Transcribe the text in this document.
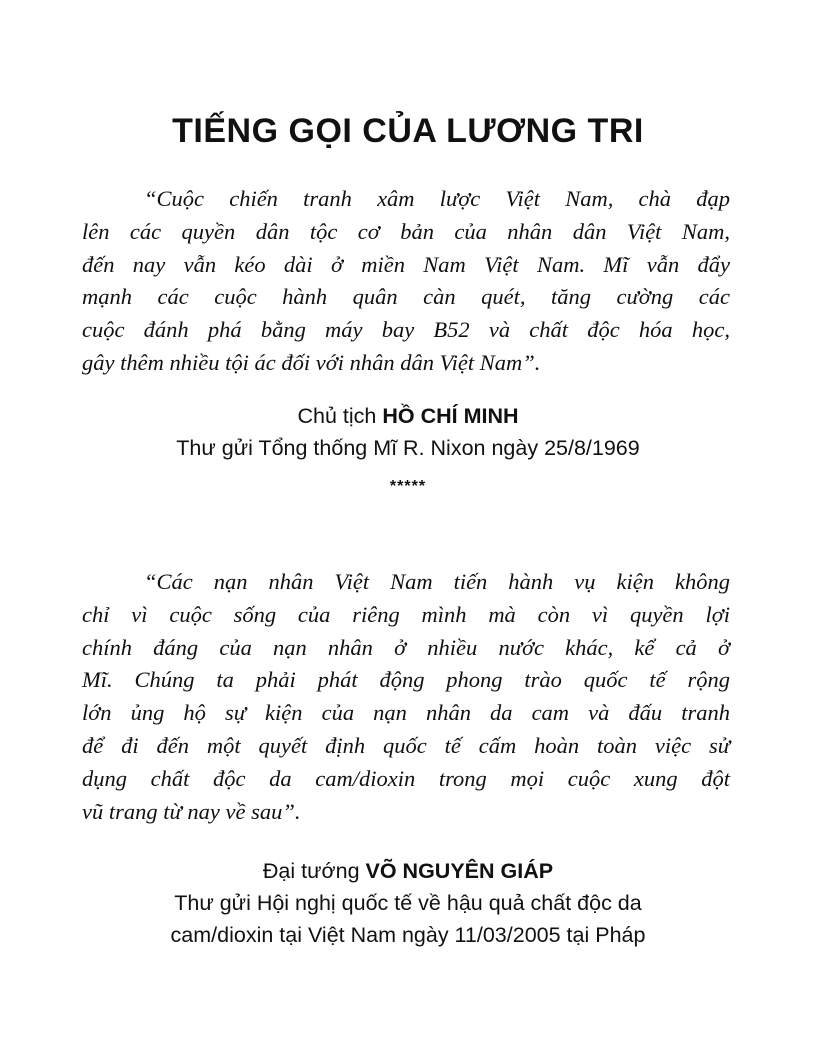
TIẾNG GỌI CỦA LƯƠNG TRI
“Cuộc chiến tranh xâm lược Việt Nam, chà đạp
lên các quyền dân tộc cơ bản của nhân dân Việt Nam,
đến nay vẫn kéo dài ở miền Nam Việt Nam. Mĩ vẫn đẩy
mạnh các cuộc hành quân càn quét, tăng cường các
cuộc đánh phá bằng máy bay B52 và chất độc hóa học,
gây thêm nhiều tội ác đối với nhân dân Việt Nam”.
Chủ tịch HỒ CHÍ MINH
Thư gửi Tổng thống Mĩ R. Nixon ngày 25/8/1969
*****
“Các nạn nhân Việt Nam tiến hành vụ kiện không
chỉ vì cuộc sống của riêng mình mà còn vì quyền lợi
chính đáng của nạn nhân ở nhiều nước khác, kể cả ở
Mĩ. Chúng ta phải phát động phong trào quốc tế rộng
lớn ủng hộ sự kiện của nạn nhân da cam và đấu tranh
để đi đến một quyết định quốc tế cấm hoàn toàn việc sử
dụng chất độc da cam/dioxin trong mọi cuộc xung đột
vũ trang từ nay về sau”.
Đại tướng VÕ NGUYÊN GIÁP
Thư gửi Hội nghị quốc tế về hậu quả chất độc da
cam/dioxin tại Việt Nam ngày 11/03/2005 tại Pháp
